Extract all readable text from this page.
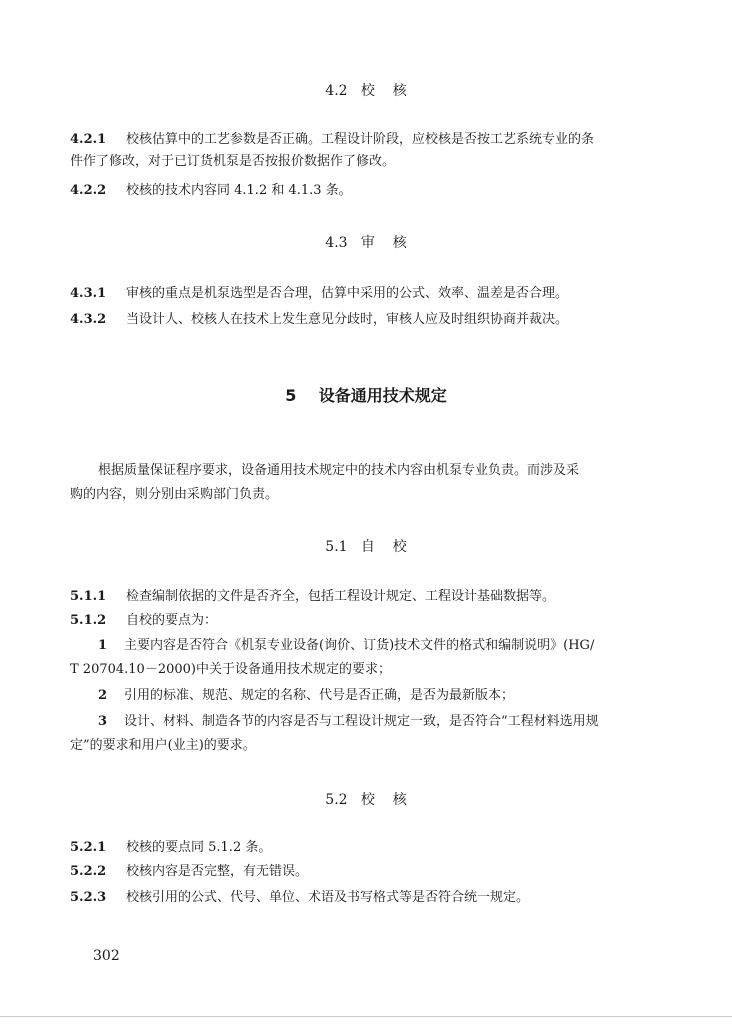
4.2 校    核
4.2.1 校核估算中的工艺参数是否正确。工程设计阶段，应校核是否按工艺系统专业的条
件作了修改，对于已订货机泵是否按报价数据作了修改。
4.2.2 校核的技术内容同 4.1.2 和 4.1.3 条。
4.3 审    核
4.3.1 审核的重点是机泵选型是否合理，估算中采用的公式、效率、温差是否合理。
4.3.2 当设计人、校核人在技术上发生意见分歧时，审核人应及时组织协商并裁决。
5 设备通用技术规定
根据质量保证程序要求，设备通用技术规定中的技术内容由机泵专业负责。而涉及采
购的内容，则分别由采购部门负责。
5.1 自    校
5.1.1 检查编制依据的文件是否齐全，包括工程设计规定、工程设计基础数据等。
5.1.2 自校的要点为：
1 主要内容是否符合《机泵专业设备(询价、订货)技术文件的格式和编制说明》(HG/
T 20704.10－2000)中关于设备通用技术规定的要求；
2 引用的标准、规范、规定的名称、代号是否正确，是否为最新版本；
3 设计、材料、制造各节的内容是否与工程设计规定一致，是否符合“工程材料选用规
定”的要求和用户(业主)的要求。
5.2 校    核
5.2.1 校核的要点同 5.1.2 条。
5.2.2 校核内容是否完整，有无错误。
5.2.3 校核引用的公式、代号、单位、术语及书写格式等是否符合统一规定。
302
